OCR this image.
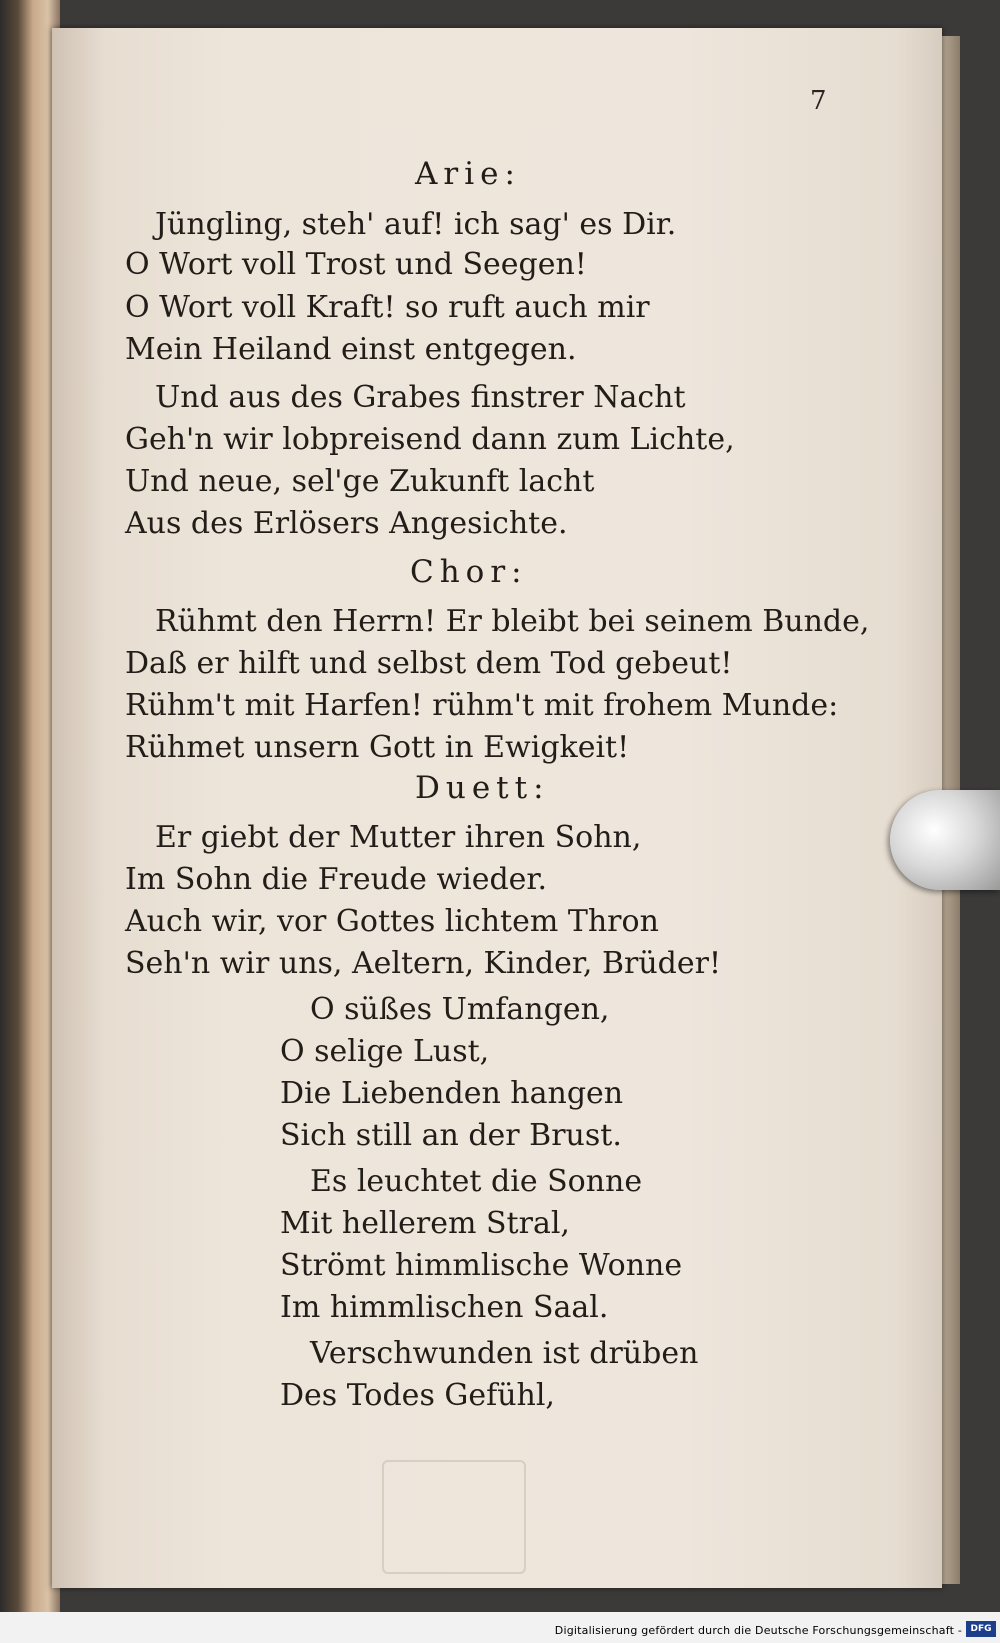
7
Arie:
Jüngling, steh' auf! ich sag' es Dir.
O Wort voll Trost und Seegen!
O Wort voll Kraft! so ruft auch mir
Mein Heiland einst entgegen.
Und aus des Grabes finstrer Nacht
Geh'n wir lobpreisend dann zum Lichte,
Und neue, sel'ge Zukunft lacht
Aus des Erlösers Angesichte.
Chor:
Rühmt den Herrn! Er bleibt bei seinem Bunde,
Daß er hilft und selbst dem Tod gebeut!
Rühm't mit Harfen! rühm't mit frohem Munde:
Rühmet unsern Gott in Ewigkeit!
Duett:
Er giebt der Mutter ihren Sohn,
Im Sohn die Freude wieder.
Auch wir, vor Gottes lichtem Thron
Seh'n wir uns, Aeltern, Kinder, Brüder!
O süßes Umfangen,
O selige Lust,
Die Liebenden hangen
Sich still an der Brust.
Es leuchtet die Sonne
Mit hellerem Stral,
Strömt himmlische Wonne
Im himmlischen Saal.
Verschwunden ist drüben
Des Todes Gefühl,
Digitalisierung gefördert durch die Deutsche Forschungsgemeinschaft - DFG
